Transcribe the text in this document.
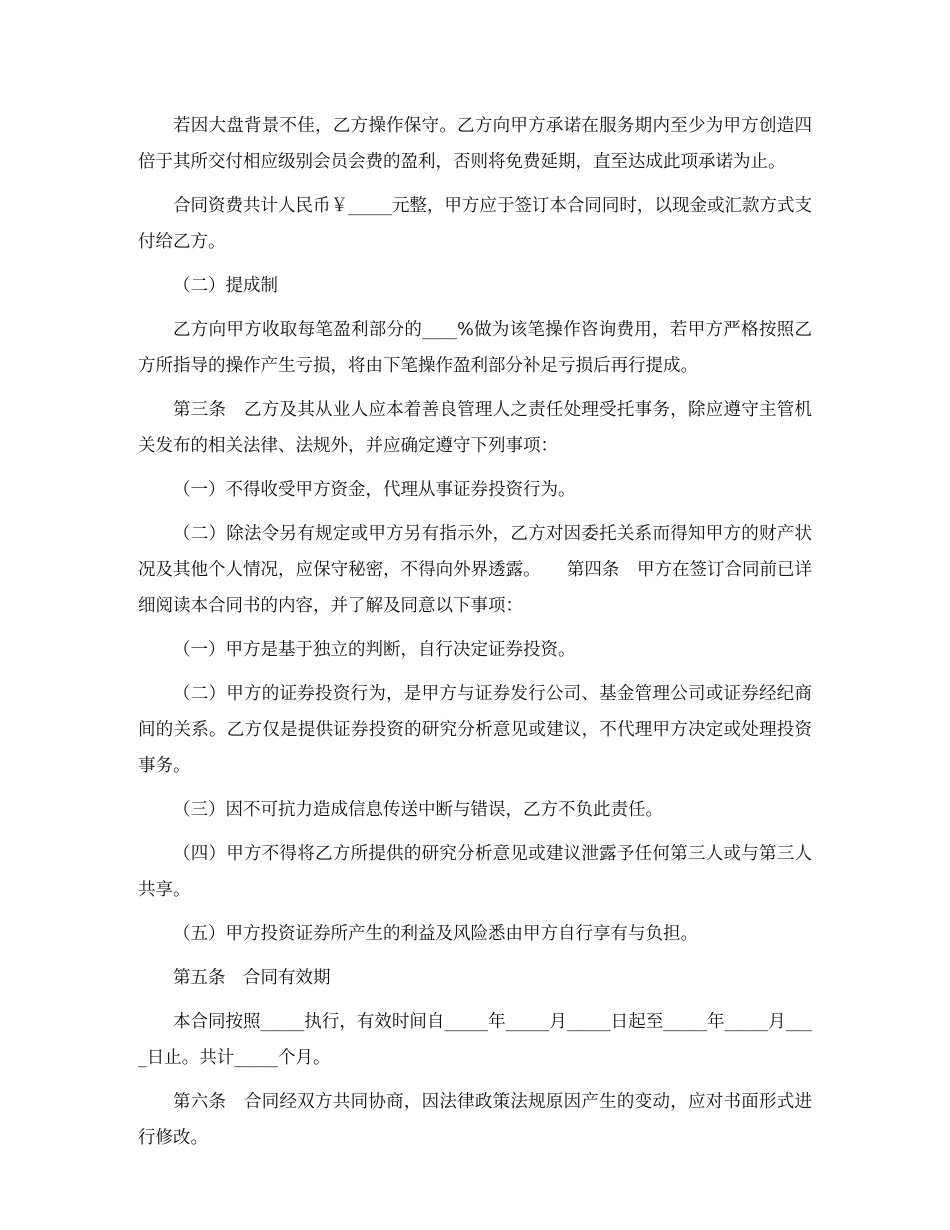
若因大盘背景不佳，乙方操作保守。乙方向甲方承诺在服务期内至少为甲方创造四倍于其所交付相应级别会员会费的盈利，否则将免费延期，直至达成此项承诺为止。

合同资费共计人民币￥_____元整，甲方应于签订本合同同时，以现金或汇款方式支付给乙方。

（二）提成制

乙方向甲方收取每笔盈利部分的____%做为该笔操作咨询费用，若甲方严格按照乙方所指导的操作产生亏损，将由下笔操作盈利部分补足亏损后再行提成。

第三条　乙方及其从业人应本着善良管理人之责任处理受托事务，除应遵守主管机关发布的相关法律、法规外，并应确定遵守下列事项：

（一）不得收受甲方资金，代理从事证券投资行为。

（二）除法令另有规定或甲方另有指示外，乙方对因委托关系而得知甲方的财产状况及其他个人情况，应保守秘密，不得向外界透露。　　第四条　甲方在签订合同前已详细阅读本合同书的内容，并了解及同意以下事项：

（一）甲方是基于独立的判断，自行决定证券投资。

（二）甲方的证券投资行为，是甲方与证券发行公司、基金管理公司或证券经纪商间的关系。乙方仅是提供证券投资的研究分析意见或建议，不代理甲方决定或处理投资事务。

（三）因不可抗力造成信息传送中断与错误，乙方不负此责任。

（四）甲方不得将乙方所提供的研究分析意见或建议泄露予任何第三人或与第三人共享。

（五）甲方投资证券所产生的利益及风险悉由甲方自行享有与负担。

第五条　合同有效期

本合同按照_____执行，有效时间自_____年_____月_____日起至_____年_____月____日止。共计_____个月。

第六条　合同经双方共同协商，因法律政策法规原因产生的变动，应对书面形式进行修改。
